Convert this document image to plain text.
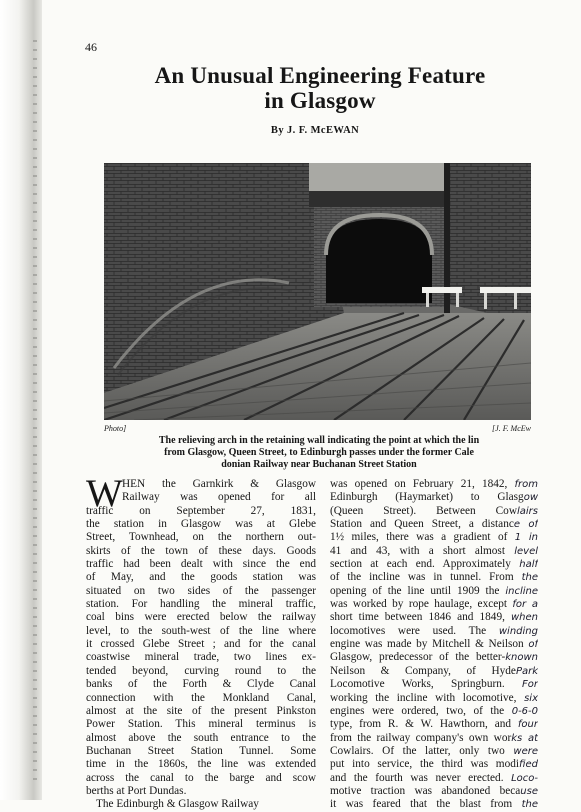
46
An Unusual Engineering Feature
in Glasgow
By J. F. McEWAN
Photo]	[J. F. McEw
The relieving arch in the retaining wall indicating the point at which the lin
from Glasgow, Queen Street, to Edinburgh passes under the former Cale
donian Railway near Buchanan Street Station
W HEN the Garnkirk & Glasgow
Railway was opened for all
traffic on September 27, 1831,
the station in Glasgow was at Glebe
Street, Townhead, on the northern out-
skirts of the town of these days. Goods
traffic had been dealt with since the end
of May, and the goods station was
situated on two sides of the passenger
station. For handling the mineral traffic,
coal bins were erected below the railway
level, to the south-west of the line where
it crossed Glebe Street ; and for the canal
coastwise mineral trade, two lines ex-
tended beyond, curving round to the
banks of the Forth & Clyde Canal
connection with the Monkland Canal,
almost at the site of the present Pinkston
Power Station. This mineral terminus is
almost above the south entrance to the
Buchanan Street Station Tunnel. Some
time in the 1860s, the line was extended
across the canal to the barge and scow
berths at Port Dundas.
The Edinburgh & Glasgow Railway
was opened on February 21, 1842, from
Edinburgh (Haymarket) to Glasgow
(Queen Street). Between Cowlairs
Station and Queen Street, a distance of
1½ miles, there was a gradient of 1 in
41 and 43, with a short almost level
section at each end. Approximately half
of the incline was in tunnel. From the
opening of the line until 1909 the incline
was worked by rope haulage, except for a
short time between 1846 and 1849, when
locomotives were used. The winding
engine was made by Mitchell & Neilson of
Glasgow, predecessor of the better-known
Neilson & Company, of HydePark
Locomotive Works, Springburn. For
working the incline with locomotive, six
engines were ordered, two, of the 0-6-0
type, from R. & W. Hawthorn, and four
from the railway company's own works at
Cowlairs. Of the latter, only two were
put into service, the third was modified
and the fourth was never erected. Loco-
motive traction was abandoned because
it was feared that the blast from the
